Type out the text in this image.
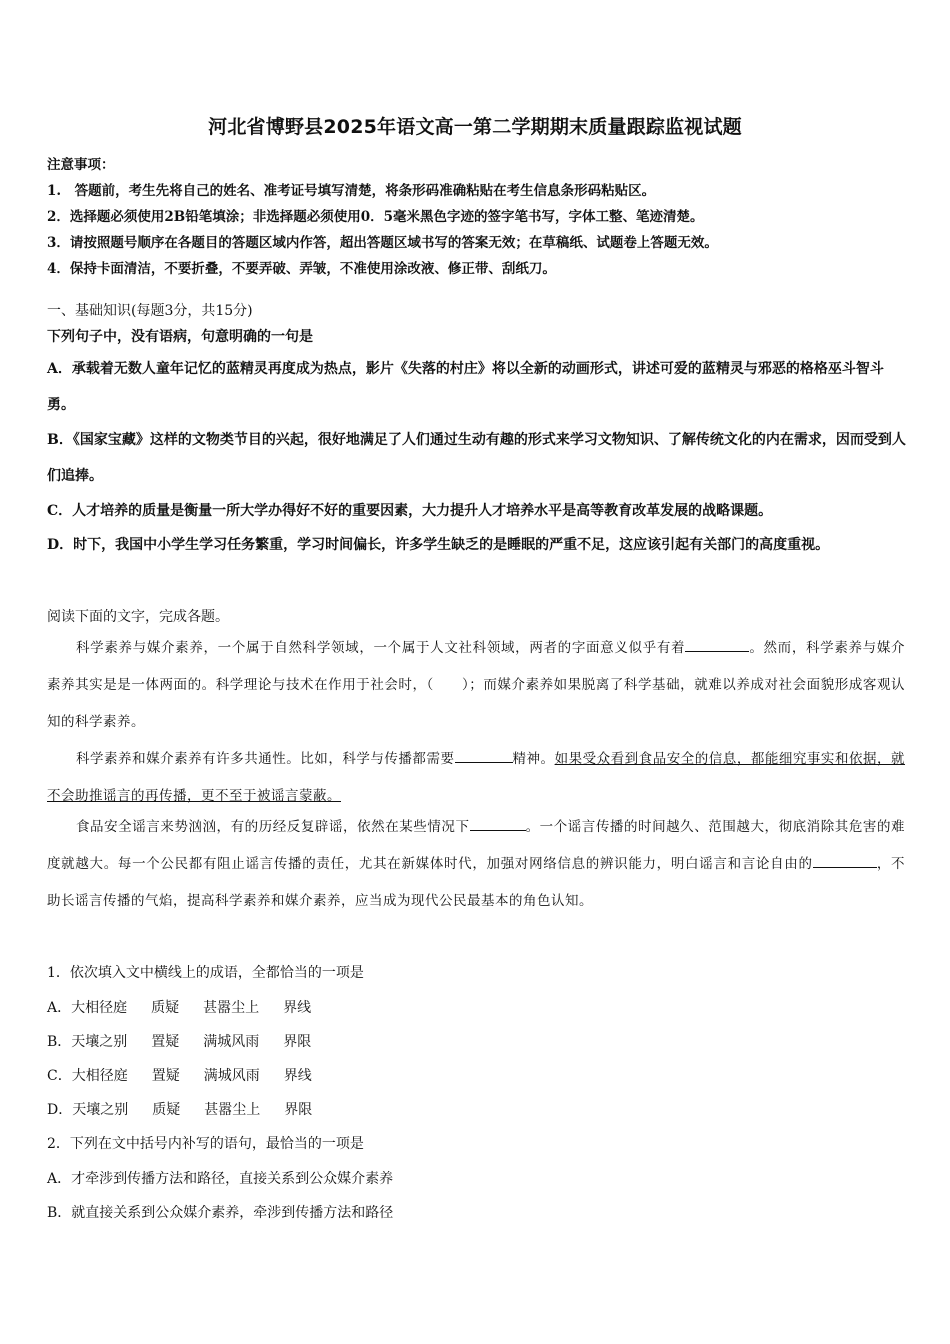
河北省博野县2025年语文高一第二学期期末质量跟踪监视试题
注意事项：
1.　答题前，考生先将自己的姓名、准考证号填写清楚，将条形码准确粘贴在考生信息条形码粘贴区。
2．选择题必须使用2B铅笔填涂；非选择题必须使用0．5毫米黑色字迹的签字笔书写，字体工整、笔迹清楚。
3．请按照题号顺序在各题目的答题区域内作答，超出答题区域书写的答案无效；在草稿纸、试题卷上答题无效。
4．保持卡面清洁，不要折叠，不要弄破、弄皱，不准使用涂改液、修正带、刮纸刀。
一、基础知识(每题3分，共15分)
下列句子中，没有语病，句意明确的一句是
A．承载着无数人童年记忆的蓝精灵再度成为热点，影片《失落的村庄》将以全新的动画形式，讲述可爱的蓝精灵与邪恶的格格巫斗智斗勇。
B．《国家宝藏》这样的文物类节目的兴起，很好地满足了人们通过生动有趣的形式来学习文物知识、了解传统文化的内在需求，因而受到人们追捧。
C．人才培养的质量是衡量一所大学办得好不好的重要因素，大力提升人才培养水平是高等教育改革发展的战略课题。
D．时下，我国中小学生学习任务繁重，学习时间偏长，许多学生缺乏的是睡眠的严重不足，这应该引起有关部门的高度重视。
阅读下面的文字，完成各题。
科学素养与媒介素养，一个属于自然科学领域，一个属于人文社科领域，两者的字面意义似乎有着	。然而，科学素养与媒介素养其实是是一体两面的。科学理论与技术在作用于社会时，（　　）；而媒介素养如果脱离了科学基础，就难以养成对社会面貌形成客观认知的科学素养。
科学素养和媒介素养有许多共通性。比如，科学与传播都需要	精神。如果受众看到食品安全的信息，都能细究事实和依据，就不会助推谣言的再传播，更不至于被谣言蒙蔽。
食品安全谣言来势汹汹，有的历经反复辟谣，依然在某些情况下	。一个谣言传播的时间越久、范围越大，彻底消除其危害的难度就越大。每一个公民都有阻止谣言传播的责任，尤其在新媒体时代，加强对网络信息的辨识能力，明白谣言和言论自由的	，不助长谣言传播的气焰，提高科学素养和媒介素养，应当成为现代公民最基本的角色认知。
1．依次填入文中横线上的成语，全都恰当的一项是
A．大相径庭 质疑 甚嚣尘上 界线
B．天壤之别 置疑 满城风雨 界限
C．大相径庭 置疑 满城风雨 界线
D．天壤之别 质疑 甚嚣尘上 界限
2．下列在文中括号内补写的语句，最恰当的一项是
A．才牵涉到传播方法和路径，直接关系到公众媒介素养
B．就直接关系到公众媒介素养，牵涉到传播方法和路径
